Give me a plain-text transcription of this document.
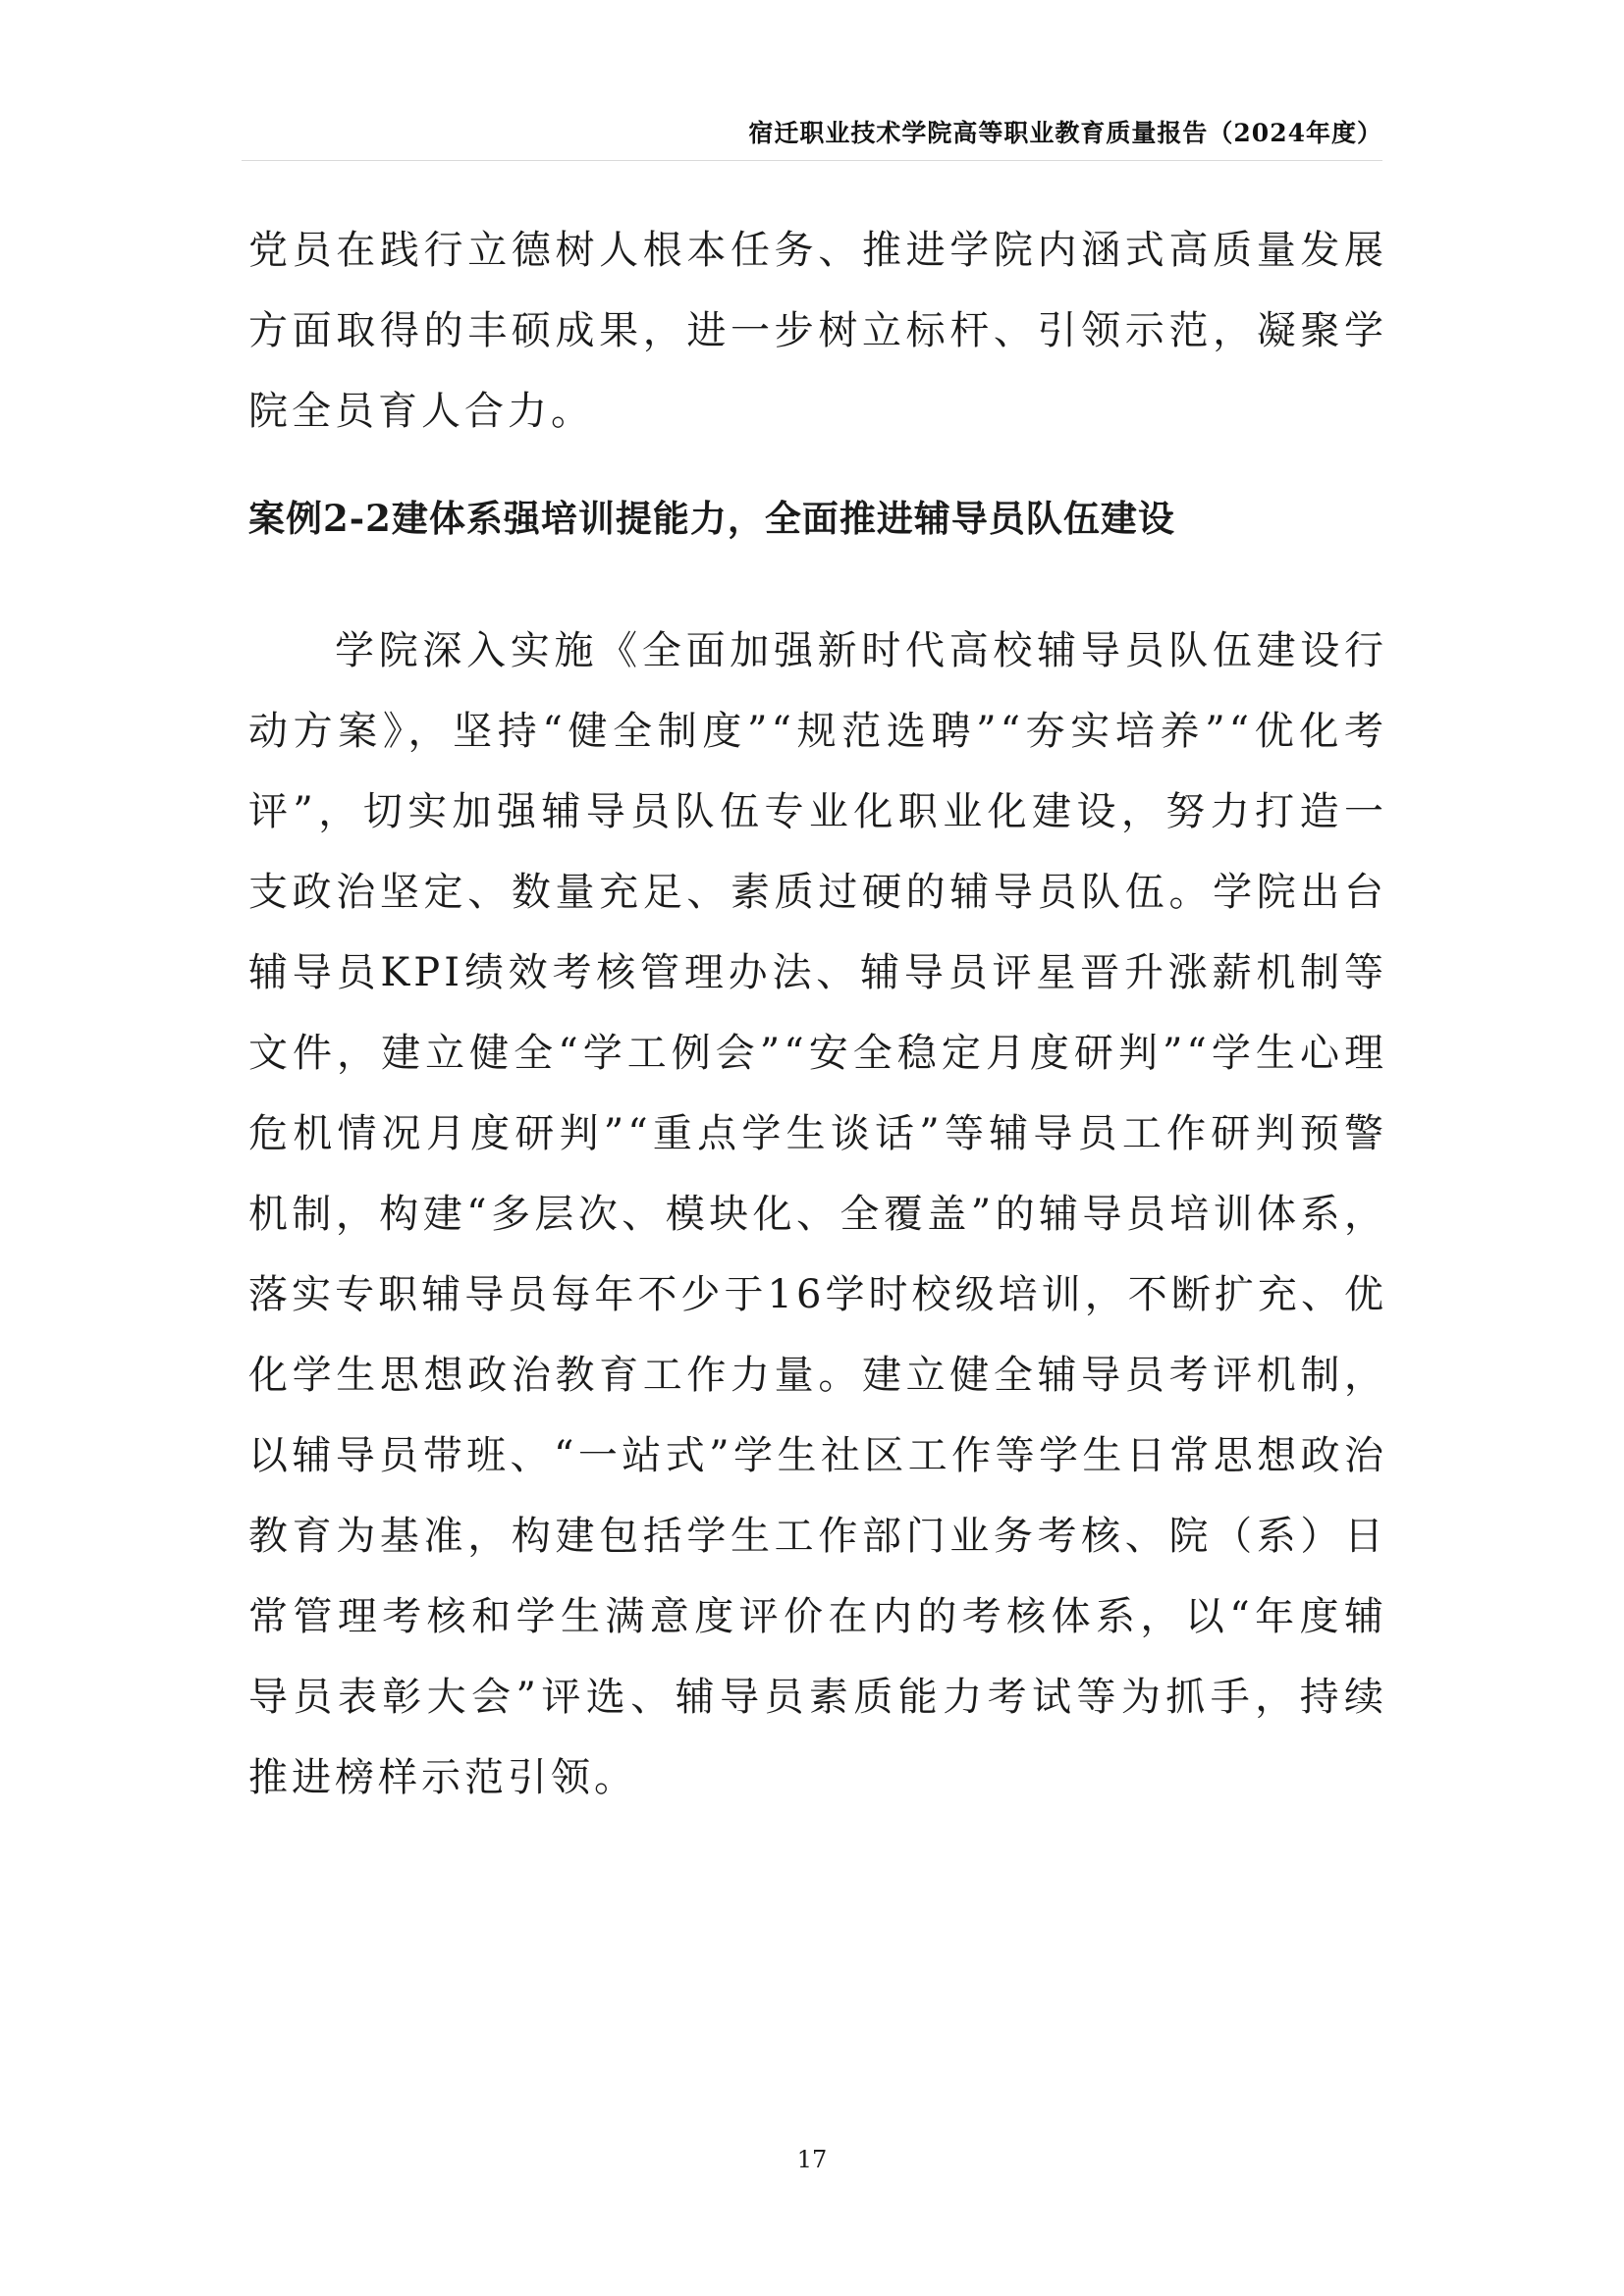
宿迁职业技术学院高等职业教育质量报告（2024年度）

党员在践行立德树人根本任务、推进学院内涵式高质量发展方面取得的丰硕成果，进一步树立标杆、引领示范，凝聚学院全员育人合力。

案例2-2建体系强培训提能力，全面推进辅导员队伍建设

学院深入实施《全面加强新时代高校辅导员队伍建设行动方案》，坚持“健全制度”“规范选聘”“夯实培养”“优化考评”，切实加强辅导员队伍专业化职业化建设，努力打造一支政治坚定、数量充足、素质过硬的辅导员队伍。学院出台辅导员KPI绩效考核管理办法、辅导员评星晋升涨薪机制等文件，建立健全“学工例会”“安全稳定月度研判”“学生心理危机情况月度研判”“重点学生谈话”等辅导员工作研判预警机制，构建“多层次、模块化、全覆盖”的辅导员培训体系，落实专职辅导员每年不少于16学时校级培训，不断扩充、优化学生思想政治教育工作力量。建立健全辅导员考评机制，以辅导员带班、“一站式”学生社区工作等学生日常思想政治教育为基准，构建包括学生工作部门业务考核、院（系）日常管理考核和学生满意度评价在内的考核体系，以“年度辅导员表彰大会”评选、辅导员素质能力考试等为抓手，持续推进榜样示范引领。

17
